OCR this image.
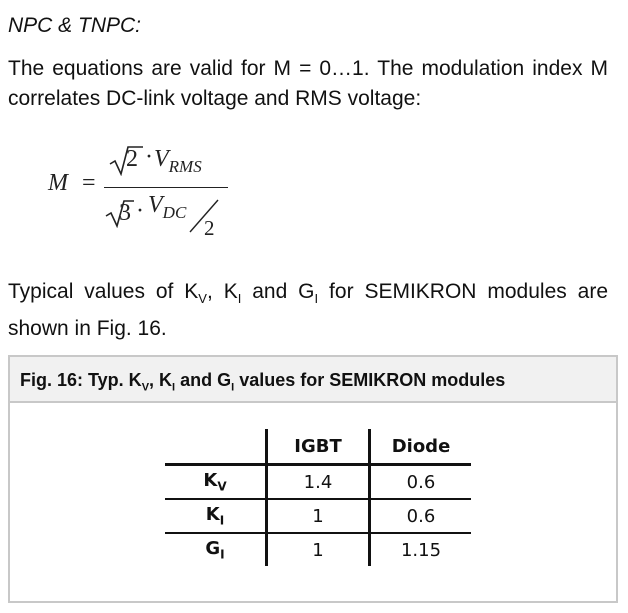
NPC & TNPC:
The equations are valid for M = 0…1. The modulation index M correlates DC-link voltage and RMS voltage:
M =
$2 \cdot V_{RMS}$
$3 \cdot V_{DC}$
2
Typical values of $K_V$, $K_I$ and $G_I$ for SEMIKRON modules are shown in Fig. 16.
Fig. 16: Typ. $K_V$, $K_I$ and $G_I$ values for SEMIKRON modules
	IGBT	Diode
$K_V$	1.4	0.6
$K_I$	1	0.6
$G_I$	1	1.15
